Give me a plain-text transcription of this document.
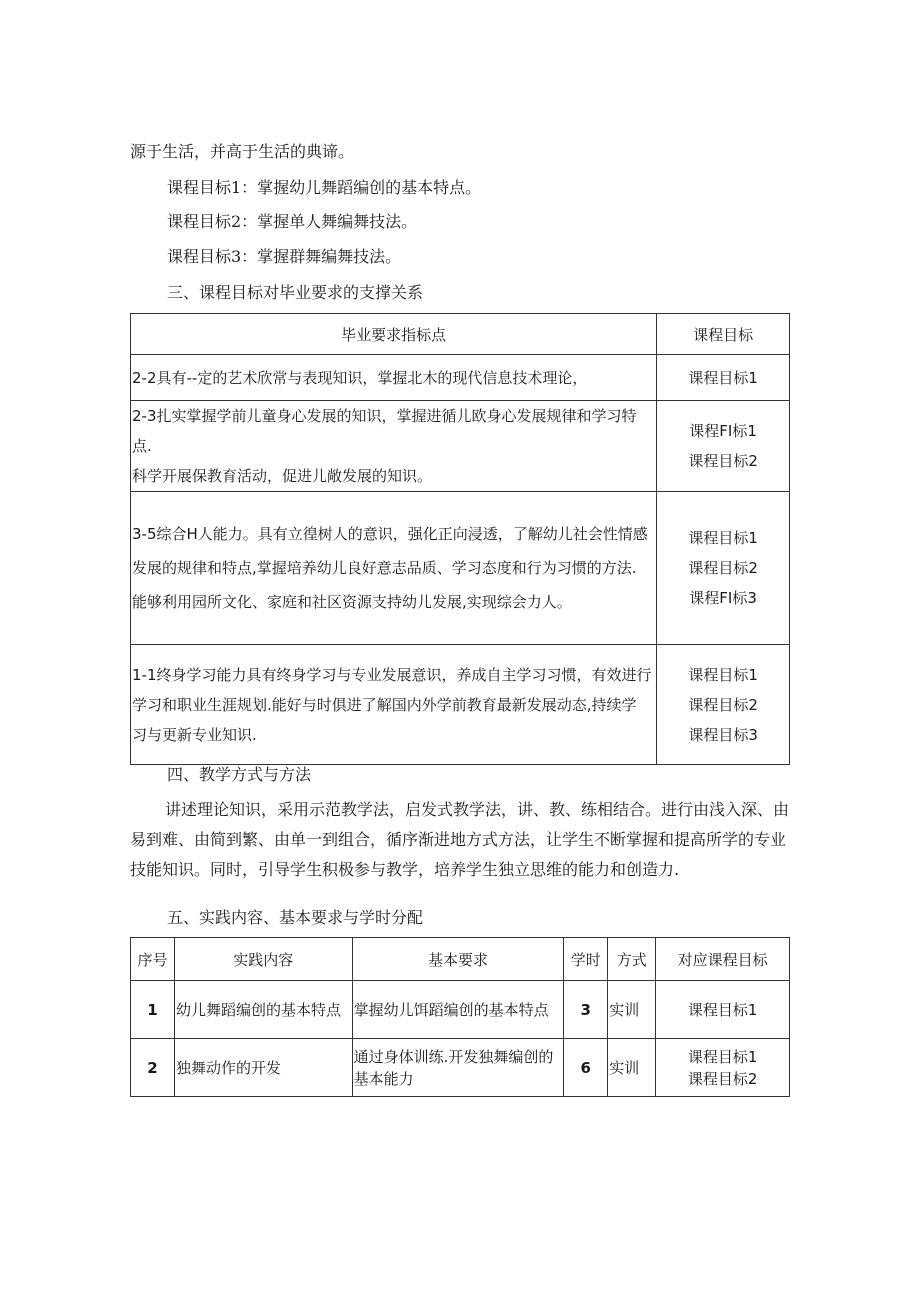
源于生活，并高于生活的典谛。
课程目标1：掌握幼儿舞蹈编创的基本特点。
课程目标2：掌握单人舞编舞技法。
课程目标3：掌握群舞编舞技法。
三、课程目标对毕业要求的支撑关系
毕业要求指标点	课程目标

2-2具有--定的艺术欣常与表现知识，掌握北木的现代信息技术理论，	课程目标1

2-3扎实掌握学前儿童身心发展的知识，掌握进循儿欧身心发展规律和学习特点.
科学开展保教育活动，促进儿敞发展的知识。	课程FI标1
课程目标2

3-5综合H人能力。具有立徨树人的意识，强化正向浸透，了解幼儿社会性情感
发展的规律和特点,掌握培养幼儿良好意志品质、学习态度和行为习惯的方法.
能够利用园所文化、家庭和社区资源支持幼儿发展,实现综会力人。	课程目标1
课程目标2
课程FI标3

1-1终身学习能力具有终身学习与专业发展意识，养成自主学习习惯，有效进行
学习和职业生涯规划.能好与时俱进了解国内外学前教育最新发展动态,持续学
习与更新专业知识.	课程目标1
课程目标2
课程目标3
四、教学方式与方法
讲述理论知识，采用示范教学法，启发式教学法，讲、教、练相结合。进行由浅入深、由易到难、由简到繁、由单一到组合，循序渐进地方式方法，让学生不断掌握和提高所学的专业技能知识。同时，引导学生积极参与教学，培养学生独立思维的能力和创造力.
五、实践内容、基本要求与学时分配
序号	实践内容	基本要求	学时	方式	对应课程目标
1	幼儿舞蹈编创的基本特点	掌握幼儿饵蹈编创的基本特点	3	实训	课程目标1

2	独舞动作的开发	通过身体训练.开发独舞编创的基本能力	6	实训	课程目标1
课程目标2
